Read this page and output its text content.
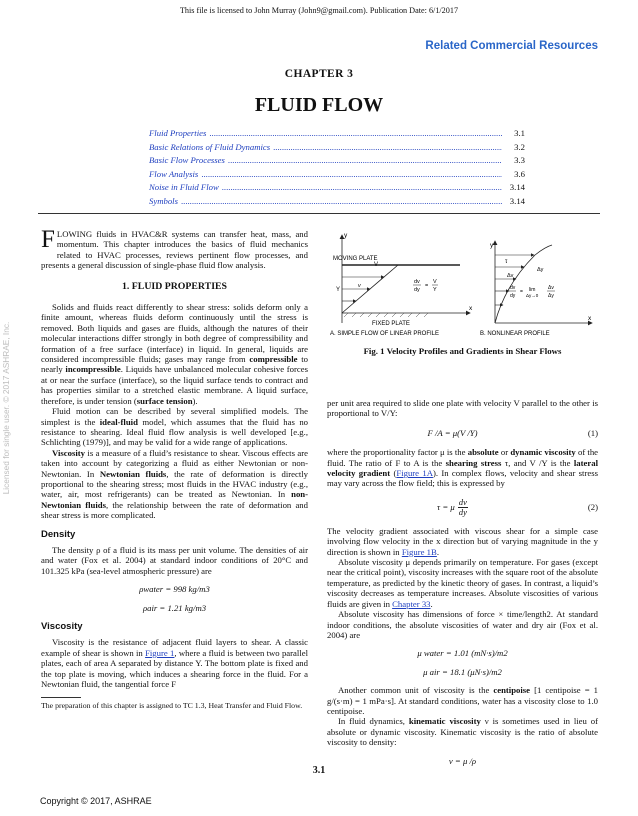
This file is licensed to John Murray (John9@gmail.com). Publication Date: 6/1/2017
Related Commercial Resources
CHAPTER 3
FLUID FLOW
Fluid Properties .....	3.1
Basic Relations of Fluid Dynamics .....	3.2
Basic Flow Processes .....	3.3
Flow Analysis .....	3.6
Noise in Fluid Flow .....	3.14
Symbols .....	3.14
Licensed for single user. © 2017 ASHRAE, Inc.

FLOWING fluids in HVAC&R systems can transfer heat, mass, and momentum. This chapter introduces the basics of fluid mechanics related to HVAC processes, reviews pertinent flow processes, and presents a general discussion of single-phase fluid flow analysis.

1. FLUID PROPERTIES

Solids and fluids react differently to shear stress: solids deform only a finite amount, whereas fluids deform continuously until the stress is removed. Both liquids and gases are fluids, although the natures of their molecular interactions differ strongly in both degree of compressibility and formation of a free surface (interface) in liquid. In general, liquids are considered incompressible fluids; gases may range from compressible to nearly incompressible. Liquids have unbalanced molecular cohesive forces at or near the surface (interface), so the liquid surface tends to contract and has properties similar to a stretched elastic membrane. A liquid surface, therefore, is under tension (surface tension).

Fluid motion can be described by several simplified models. The simplest is the ideal-fluid model, which assumes that the fluid has no resistance to shearing. Ideal fluid flow analysis is well developed [e.g., Schlichting (1979)], and may be valid for a wide range of applications.

Viscosity is a measure of a fluid’s resistance to shear. Viscous effects are taken into account by categorizing a fluid as either Newtonian or non-Newtonian. In Newtonian fluids, the rate of deformation is directly proportional to the shearing stress; most fluids in the HVAC industry (e.g., water, air, most refrigerants) can be treated as Newtonian. In non-Newtonian fluids, the relationship between the rate of deformation and shear stress is more complicated.

Density

The density ρ of a fluid is its mass per unit volume. The densities of air and water (Fox et al. 2004) at standard indoor conditions of 20°C and 101.325 kPa (sea-level atmospheric pressure) are

ρwater = 998 kg/m3
ρair = 1.21 kg/m3
Viscosity

Viscosity is the resistance of adjacent fluid layers to shear. A classic example of shear is shown in Figure 1, where a fluid is between two parallel plates, each of area A separated by distance Y. The bottom plate is fixed and the top plate is moving, which induces a shearing force in the fluid. For a Newtonian fluid, the tangential force F

The preparation of this chapter is assigned to TC 1.3, Heat Transfer and Fluid Flow.

y
x
MOVING PLATE
V
Y
v
dv
dy
=
V
Y
FIXED PLATE
A. SIMPLE FLOW OF LINEAR PROFILE
y
x
τ
Δy
Δv
dv
dy
= lim
Δy→0
Δv
Δy
B. NONLINEAR PROFILE
Fig. 1 Velocity Profiles and Gradients in Shear Flows

per unit area required to slide one plate with velocity V parallel to the other is proportional to V/Y:

F /A = μ(V /Y)	(1)

where the proportionality factor μ is the absolute or dynamic viscosity of the fluid. The ratio of F to A is the shearing stress τ, and V /Y is the lateral velocity gradient (Figure 1A). In complex flows, velocity and shear stress may vary across the flow field; this is expressed by

τ = μ $\frac{dv}{dy}$	(2)

The velocity gradient associated with viscous shear for a simple case involving flow velocity in the x direction but of varying magnitude in the y direction is shown in Figure 1B.

Absolute viscosity μ depends primarily on temperature. For gases (except near the critical point), viscosity increases with the square root of the absolute temperature, as predicted by the kinetic theory of gases. In contrast, a liquid’s viscosity decreases as temperature increases. Absolute viscosities of various fluids are given in Chapter 33.

Absolute viscosity has dimensions of force × time/length2. At standard indoor conditions, the absolute viscosities of water and dry air (Fox et al. 2004) are

μ water = 1.01 (mN·s)/m2
μ air = 18.1 (μN·s)/m2

Another common unit of viscosity is the centipoise [1 centipoise = 1 g/(s·m) = 1 mPa·s]. At standard conditions, water has a viscosity close to 1.0 centipoise.

In fluid dynamics, kinematic viscosity ν is sometimes used in lieu of absolute or dynamic viscosity. Kinematic viscosity is the ratio of absolute viscosity to density:

ν = μ /ρ
3.1
Copyright © 2017, ASHRAE
